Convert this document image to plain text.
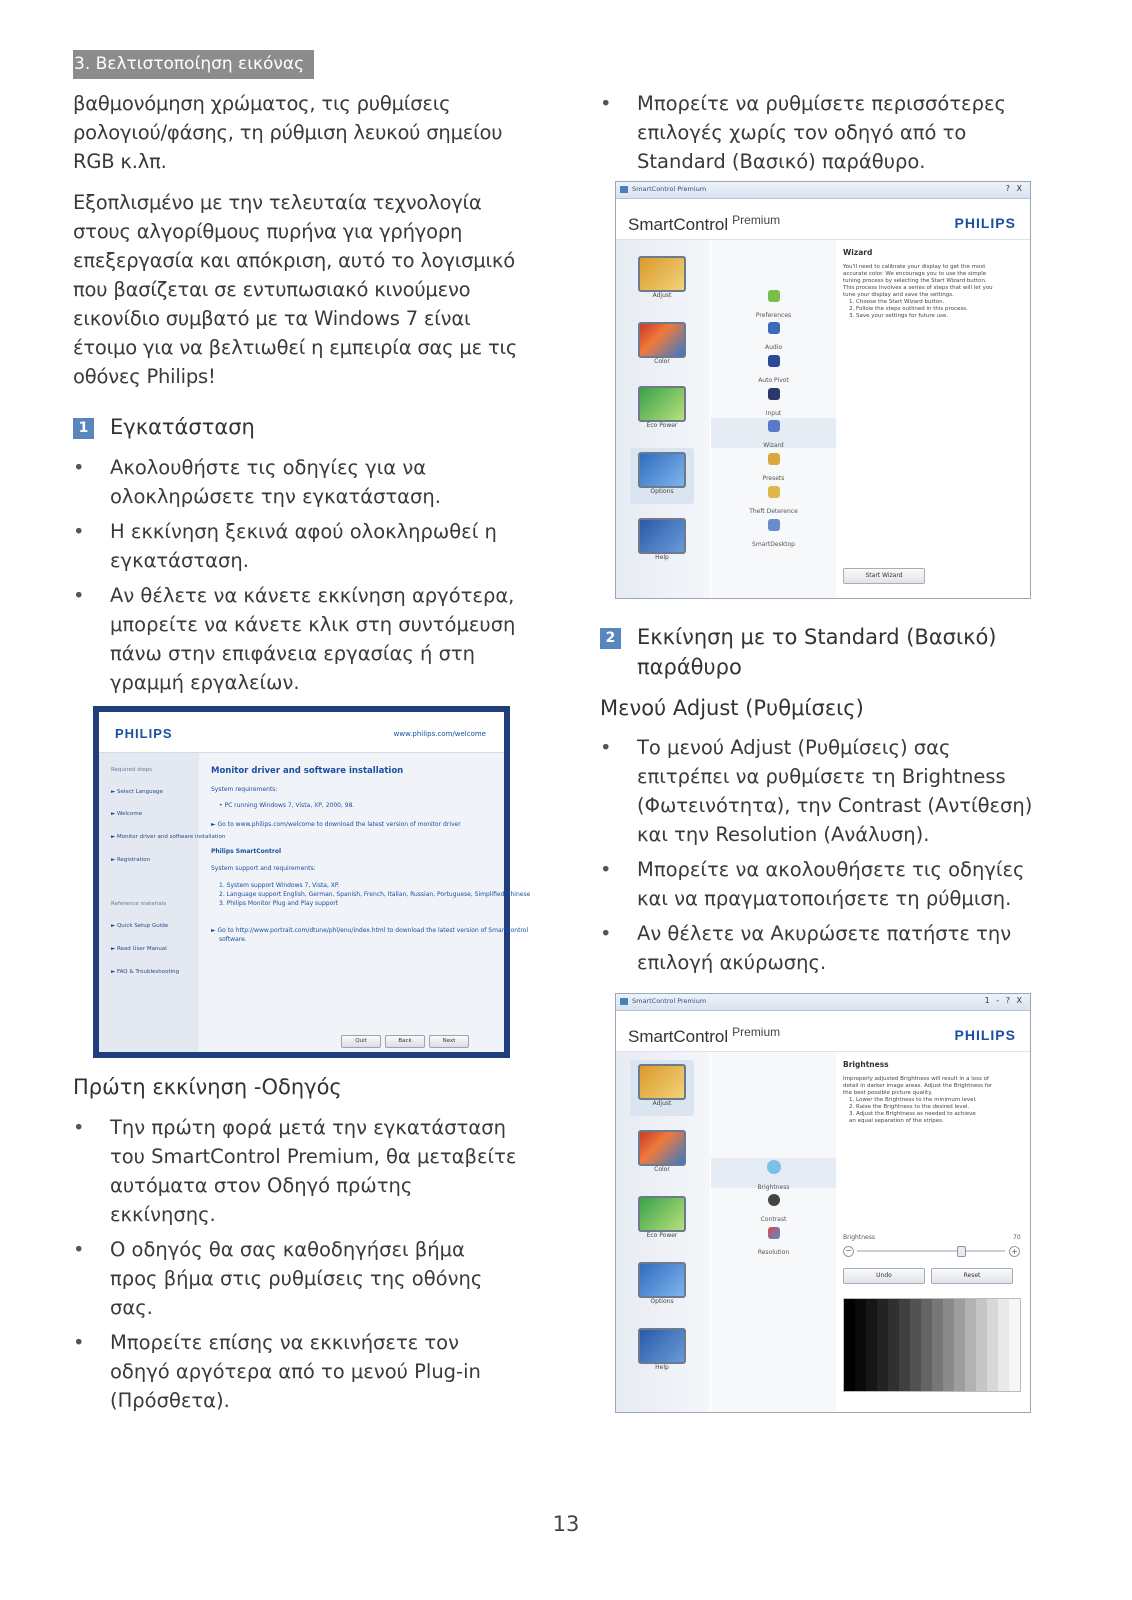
3. Βελτιστοποίηση εικόνας

βαθμονόμηση χρώματος, τις ρυθμίσεις

ρολογιού/φάσης, τη ρύθμιση λευκού σημείου

RGB κ.λπ.

Εξοπλισμένο με την τελευταία τεχνολογία

στους αλγορίθμους πυρήνα για γρήγορη

επεξεργασία και απόκριση, αυτό το λογισμικό

που βασίζεται σε εντυπωσιακό κινούμενο

εικονίδιο συμβατό με τα Windows 7 είναι

έτοιμο για να βελτιωθεί η εμπειρία σας με τις

οθόνες Philips!

1 Εγκατάσταση
• Ακολουθήστε τις οδηγίες για να
ολοκληρώσετε την εγκατάσταση.
• Η εκκίνηση ξεκινά αφού ολοκληρωθεί η
εγκατάσταση.
• Αν θέλετε να κάνετε εκκίνηση αργότερα,
μπορείτε να κάνετε κλικ στη συντόμευση
πάνω στην επιφάνεια εργασίας ή στη
γραμμή εργαλείων.
PHILIPS	www.philips.com/welcome
Required steps
► Select Language
► Welcome
► Monitor driver and software installation
► Registration
Reference materials
► Quick Setup Guide
► Read User Manual
► FAQ & Troubleshooting
Monitor driver and software installation
System requirements:
• PC running Windows 7, Vista, XP, 2000, 98.
► Go to www.philips.com/welcome to download the latest version of monitor driver
Philips SmartControl
System support and requirements:
1. System support Windows 7, Vista, XP.
2. Language support English, German, Spanish, French, Italian, Russian, Portuguese, Simplified Chinese
3. Philips Monitor Plug and Play support
► Go to http://www.portrait.com/dtune/phl/enu/index.html to download the latest version of SmartControl
software.
Quit	Back	Next
Πρώτη εκκίνηση -Οδηγός
• Την πρώτη φορά μετά την εγκατάσταση
του SmartControl Premium, θα μεταβείτε
αυτόματα στον Οδηγό πρώτης
εκκίνησης.
• Ο οδηγός θα σας καθοδηγήσει βήμα
προς βήμα στις ρυθμίσεις της οθόνης
σας.
• Μπορείτε επίσης να εκκινήσετε τον
οδηγό αργότερα από το μενού Plug-in
(Πρόσθετα).
• Μπορείτε να ρυθμίσετε περισσότερες
επιλογές χωρίς τον οδηγό από το
Standard (Βασικό) παράθυρο.
SmartControl Premium	? X
SmartControl $^{Premium}$	PHILIPS
Adjust
Color
Eco Power
Options
Help
Preferences
Audio
Auto Pivot
Input
Wizard
Presets
Theft Deterence
SmartDesktop
Wizard
You'll need to calibrate your display to get the most
accurate color. We encourage you to use the simple
tuning process by selecting the Start Wizard button.
This process involves a series of steps that will let you
tune your display and save the settings.
1. Choose the Start Wizard button.
2. Follow the steps outlined in this process.
3. Save your settings for future use.
Start Wizard
2 Εκκίνηση με το Standard (Βασικό)
παράθυρο
Μενού Adjust (Ρυθμίσεις)
• Το μενού Adjust (Ρυθμίσεις) σας
επιτρέπει να ρυθμίσετε τη Brightness
(Φωτεινότητα), την Contrast (Αντίθεση)
και την Resolution (Ανάλυση).
• Μπορείτε να ακολουθήσετε τις οδηγίες
και να πραγματοποιήσετε τη ρύθμιση.
• Αν θέλετε να Ακυρώσετε πατήστε την
επιλογή ακύρωσης.
SmartControl Premium	1 - ? X
SmartControl $^{Premium}$	PHILIPS
Adjust
Color
Eco Power
Options
Help
Brightness
Contrast
Resolution
Brightness
Improperly adjusted Brightness will result in a loss of
detail in darker image areas. Adjust the Brightness for
the best possible picture quality.
1. Lower the Brightness to the minimum level.
2. Raise the Brightness to the desired level.
3. Adjust the Brightness as needed to achieve
an equal separation of the stripes.
Brightness	70
−	+
Undo	Reset
13
